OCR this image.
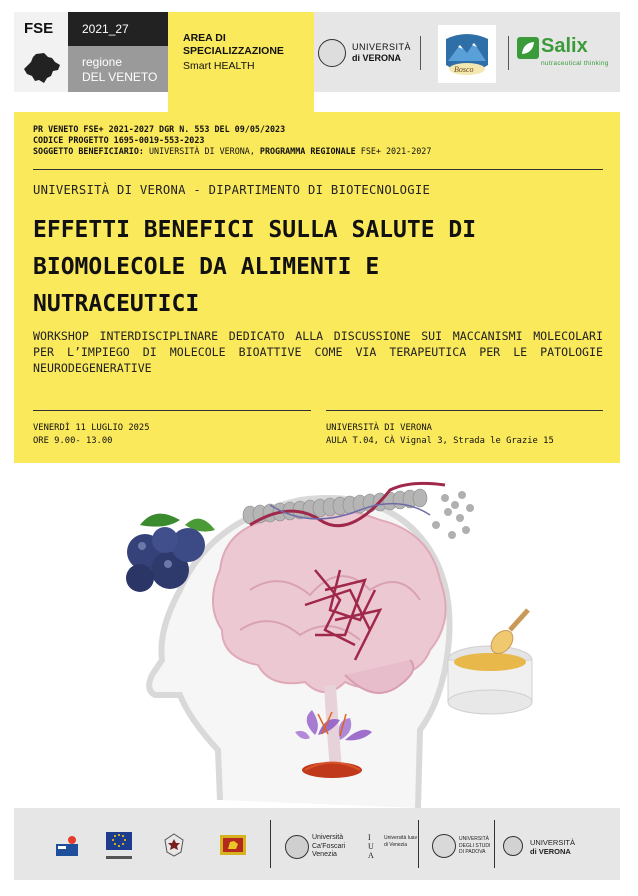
FSE 2021_27
regione
DEL VENETO
AREA DI SPECIALIZZAZIONE
Smart HEALTH
UNIVERSITÀ
di VERONA
Bosco
Salix
nutraceutical thinking
PR VENETO FSE+ 2021-2027 DGR N. 553 DEL 09/05/2023
CODICE PROGETTO 1695-0019-553-2023
SOGGETTO BENEFICIARIO: UNIVERSITÀ DI VERONA, PROGRAMMA REGIONALE FSE+ 2021-2027
UNIVERSITÀ DI VERONA - DIPARTIMENTO DI BIOTECNOLOGIE
EFFETTI BENEFICI SULLA SALUTE DI
BIOMOLECOLE DA ALIMENTI E
NUTRACEUTICI
WORKSHOP INTERDISCIPLINARE DEDICATO ALLA DISCUSSIONE SUI MACCANISMI MOLECOLARI PER L’IMPIEGO DI MOLECOLE BIOATTIVE COME VIA TERAPEUTICA PER LE PATOLOGIE NEURODEGENERATIVE
VENERDÌ 11 LUGLIO 2025
ORE 9.00- 13.00
UNIVERSITÀ DI VERONA
AULA T.04, CÀ Vignal 3, Strada le Grazie 15
Università
Ca'Foscari
Venezia
I
U
A
Università Iuav
di Venezia
UNIVERSITÀ
DEGLI STUDI
DI PADOVA
UNIVERSITÀ
di VERONA
